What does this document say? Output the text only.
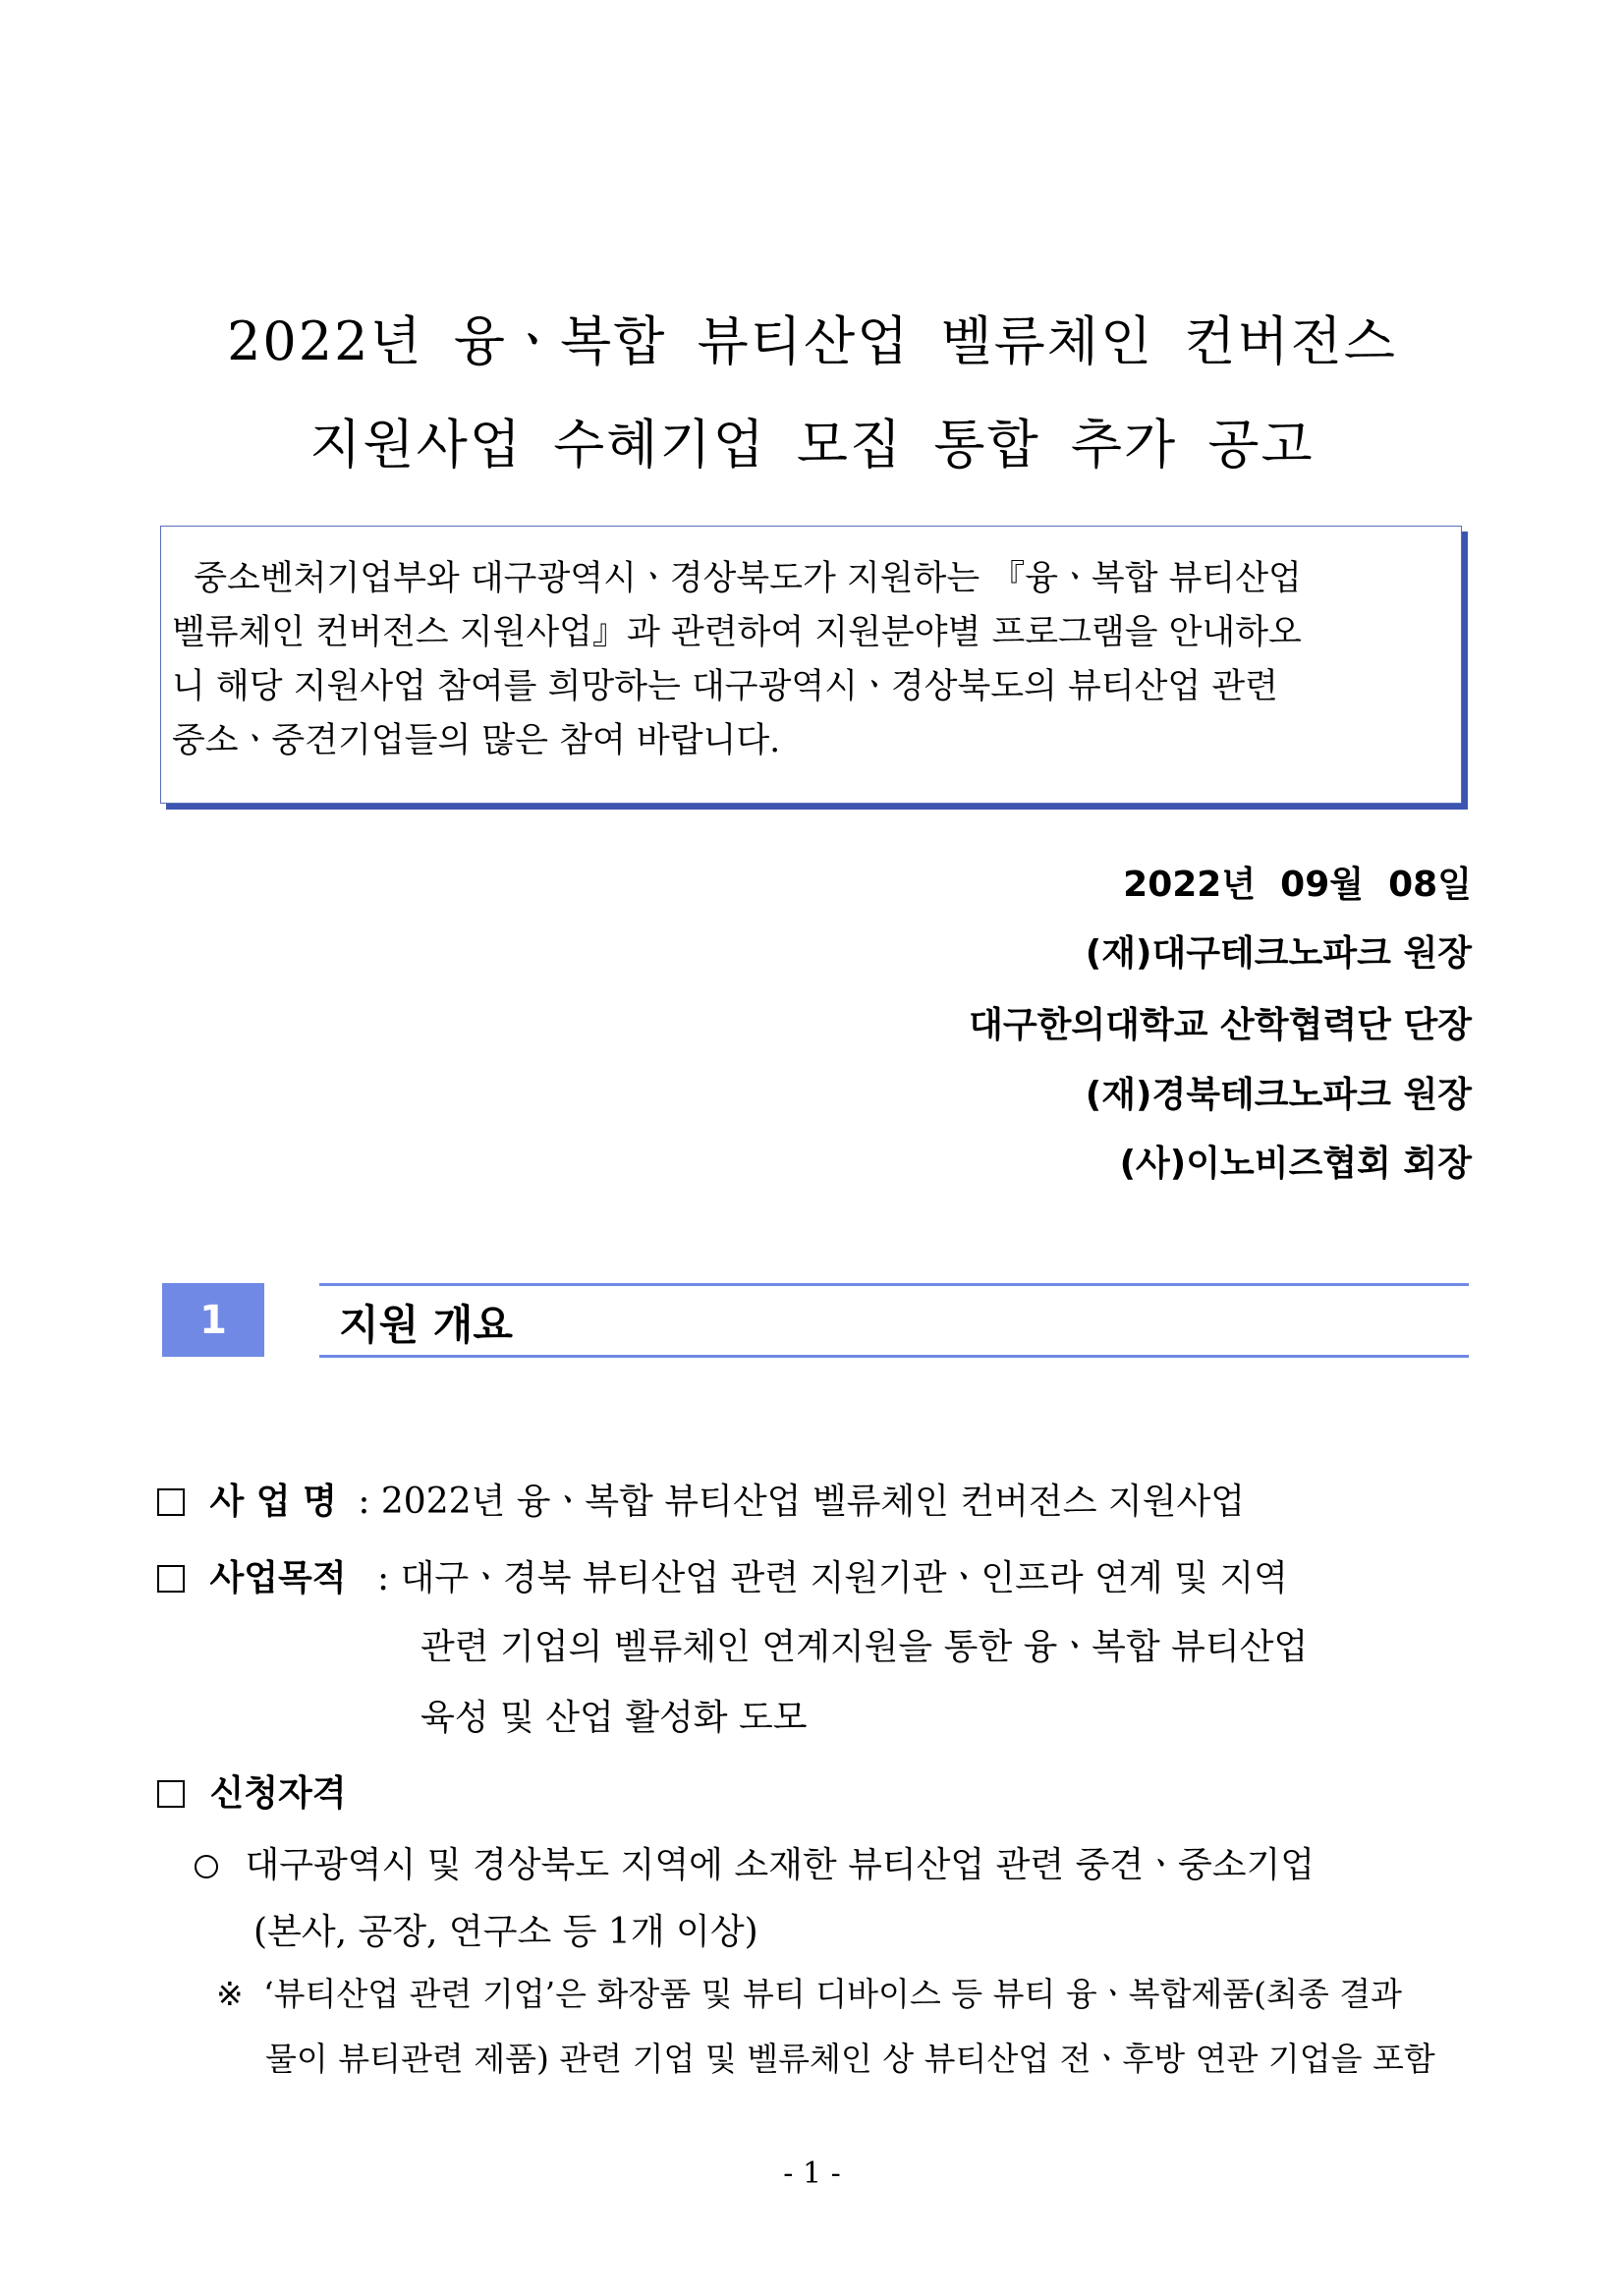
2022년 융ㆍ복합 뷰티산업 벨류체인 컨버전스
지원사업 수혜기업 모집 통합 추가 공고

중소벤처기업부와 대구광역시ㆍ경상북도가 지원하는 『융ㆍ복합 뷰티산업

벨류체인 컨버전스 지원사업』과 관련하여 지원분야별 프로그램을 안내하오

니 해당 지원사업 참여를 희망하는 대구광역시ㆍ경상북도의 뷰티산업 관련

중소ㆍ중견기업들의 많은 참여 바랍니다.

2022년  09월  08일
(재)대구테크노파크 원장
대구한의대학교 산학협력단 단장
(재)경북테크노파크 원장
(사)이노비즈협회 회장
1	지원 개요
사 업 명 : 2022년 융ㆍ복합 뷰티산업 벨류체인 컨버전스 지원사업
사업목적 : 대구ㆍ경북 뷰티산업 관련 지원기관ㆍ인프라 연계 및 지역
관련 기업의 벨류체인 연계지원을 통한 융ㆍ복합 뷰티산업
육성 및 산업 활성화 도모
신청자격
대구광역시 및 경상북도 지역에 소재한 뷰티산업 관련 중견ㆍ중소기업
(본사, 공장, 연구소 등 1개 이상)
※ ‘뷰티산업 관련 기업’은 화장품 및 뷰티 디바이스 등 뷰티 융ㆍ복합제품(최종 결과
물이 뷰티관련 제품) 관련 기업 및 벨류체인 상 뷰티산업 전ㆍ후방 연관 기업을 포함
- 1 -
